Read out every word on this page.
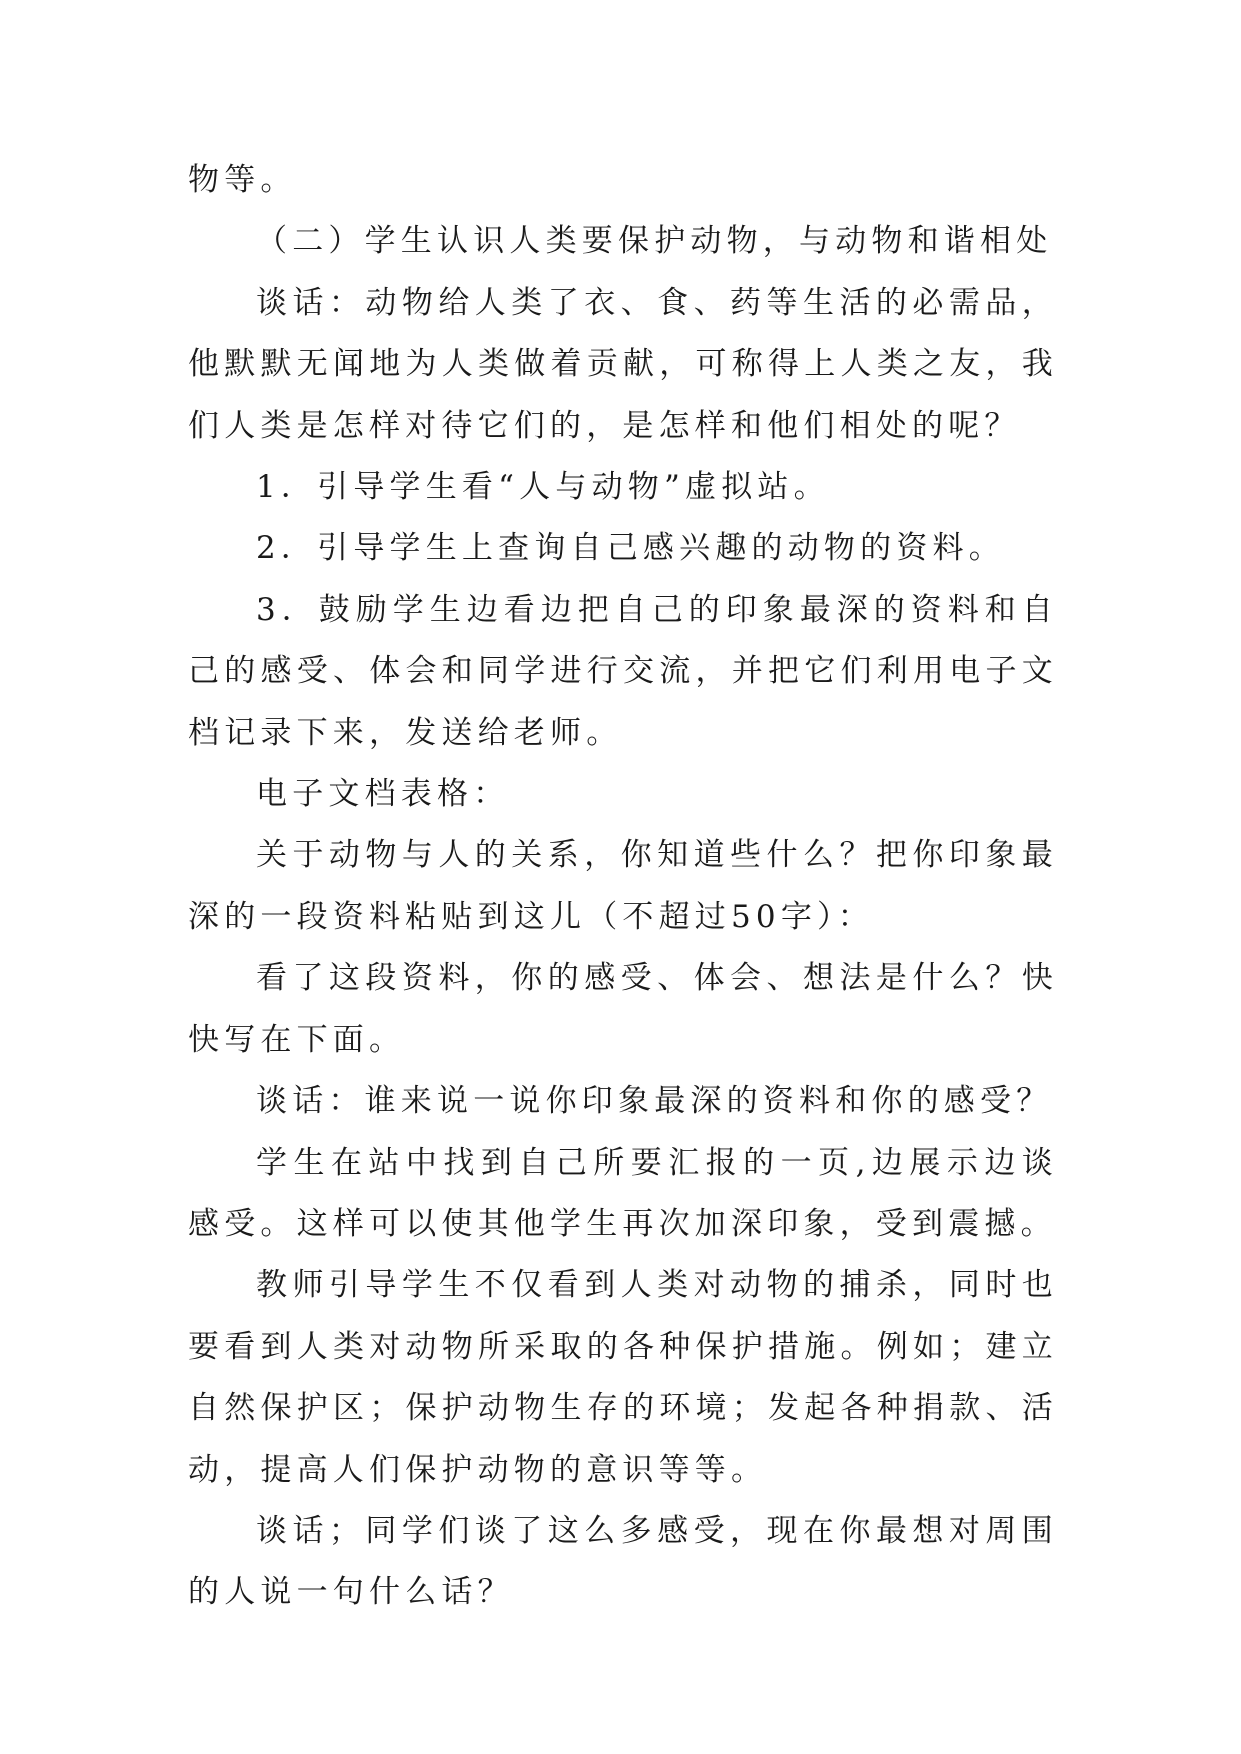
物等。

（二）学生认识人类要保护动物，与动物和谐相处

谈话：动物给人类了衣、食、药等生活的必需品，他默默无闻地为人类做着贡献，可称得上人类之友，我们人类是怎样对待它们的，是怎样和他们相处的呢？

1．引导学生看“人与动物”虚拟站。

2．引导学生上查询自己感兴趣的动物的资料。

3．鼓励学生边看边把自己的印象最深的资料和自己的感受、体会和同学进行交流，并把它们利用电子文档记录下来，发送给老师。

电子文档表格：

关于动物与人的关系，你知道些什么？把你印象最深的一段资料粘贴到这儿（不超过50字）：

看了这段资料，你的感受、体会、想法是什么？快快写在下面。

谈话：谁来说一说你印象最深的资料和你的感受？

学生在站中找到自己所要汇报的一页,边展示边谈感受。这样可以使其他学生再次加深印象，受到震撼。

教师引导学生不仅看到人类对动物的捕杀，同时也要看到人类对动物所采取的各种保护措施。例如；建立自然保护区；保护动物生存的环境；发起各种捐款、活动，提高人们保护动物的意识等等。

谈话；同学们谈了这么多感受，现在你最想对周围的人说一句什么话？
